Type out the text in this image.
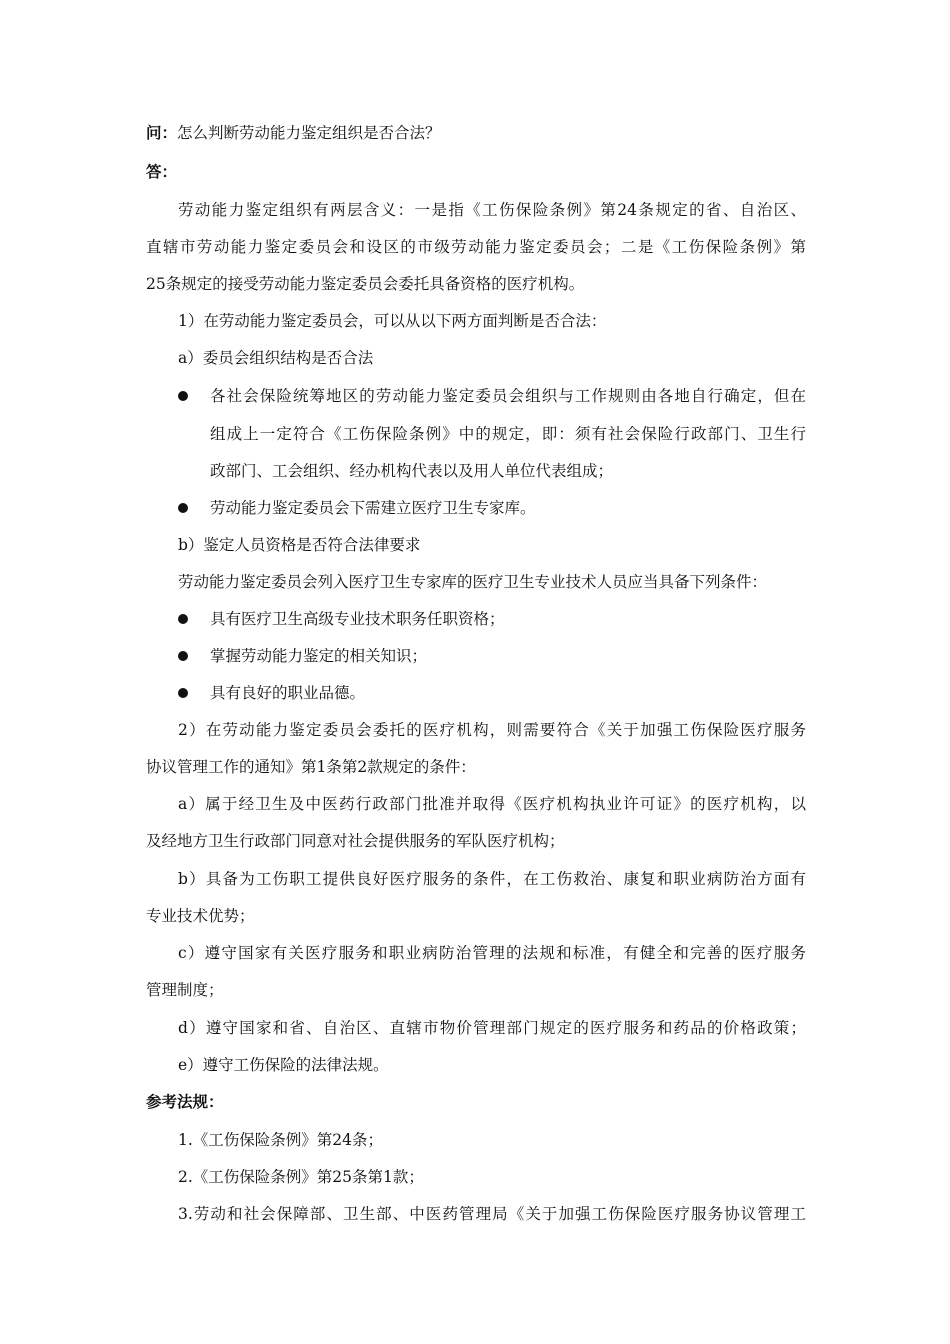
问：怎么判断劳动能力鉴定组织是否合法？
答：
劳动能力鉴定组织有两层含义：一是指《工伤保险条例》第24条规定的省、自治区、
直辖市劳动能力鉴定委员会和设区的市级劳动能力鉴定委员会；二是《工伤保险条例》第
25条规定的接受劳动能力鉴定委员会委托具备资格的医疗机构。
1）在劳动能力鉴定委员会，可以从以下两方面判断是否合法：
a）委员会组织结构是否合法
各社会保险统筹地区的劳动能力鉴定委员会组织与工作规则由各地自行确定，但在
组成上一定符合《工伤保险条例》中的规定，即：须有社会保险行政部门、卫生行
政部门、工会组织、经办机构代表以及用人单位代表组成；
劳动能力鉴定委员会下需建立医疗卫生专家库。
b）鉴定人员资格是否符合法律要求
劳动能力鉴定委员会列入医疗卫生专家库的医疗卫生专业技术人员应当具备下列条件：
具有医疗卫生高级专业技术职务任职资格；
掌握劳动能力鉴定的相关知识；
具有良好的职业品德。
2）在劳动能力鉴定委员会委托的医疗机构，则需要符合《关于加强工伤保险医疗服务
协议管理工作的通知》第1条第2款规定的条件：
a）属于经卫生及中医药行政部门批准并取得《医疗机构执业许可证》的医疗机构，以
及经地方卫生行政部门同意对社会提供服务的军队医疗机构；
b）具备为工伤职工提供良好医疗服务的条件，在工伤救治、康复和职业病防治方面有
专业技术优势；
c）遵守国家有关医疗服务和职业病防治管理的法规和标准，有健全和完善的医疗服务
管理制度；
d）遵守国家和省、自治区、直辖市物价管理部门规定的医疗服务和药品的价格政策；
e）遵守工伤保险的法律法规。
参考法规：
1.《工伤保险条例》第24条；
2.《工伤保险条例》第25条第1款；
3.劳动和社会保障部、卫生部、中医药管理局《关于加强工伤保险医疗服务协议管理工
